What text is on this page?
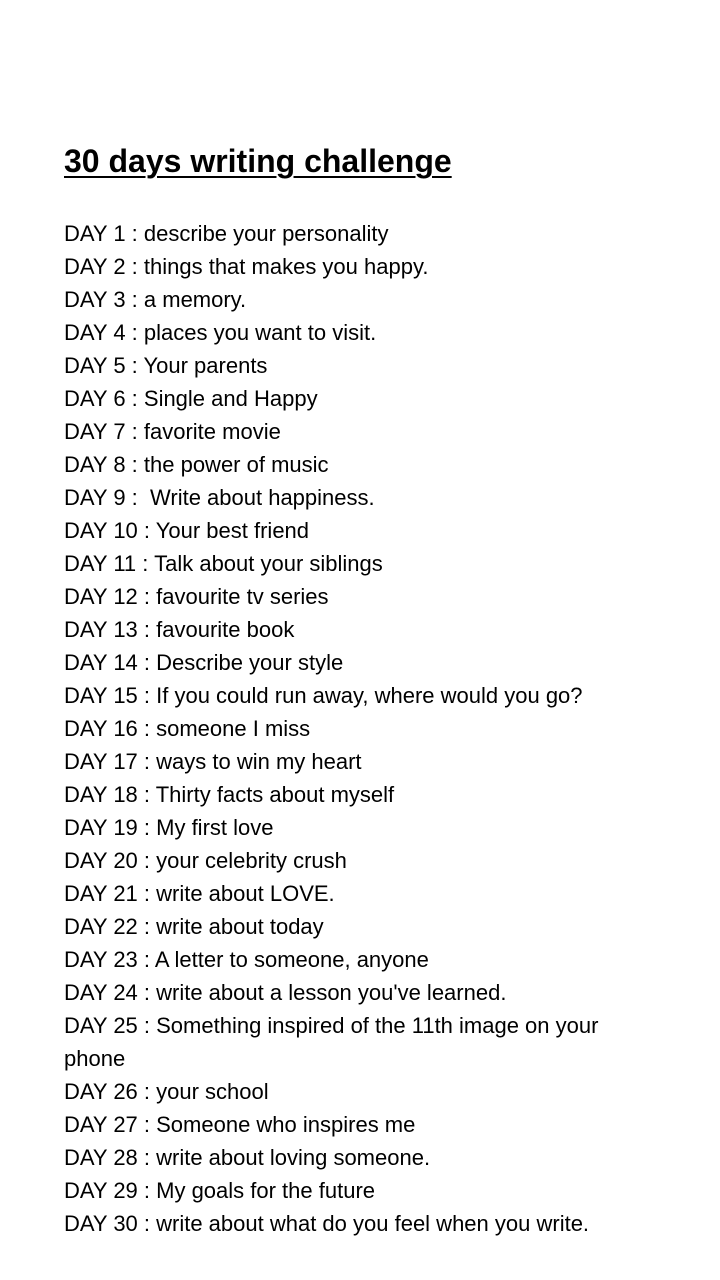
30 days writing challenge
DAY 1 : describe your personality
DAY 2 : things that makes you happy.
DAY 3 : a memory.
DAY 4 : places you want to visit.
DAY 5 : Your parents
DAY 6 : Single and Happy
DAY 7 : favorite movie
DAY 8 : the power of music
DAY 9 :  Write about happiness.
DAY 10 : Your best friend
DAY 11 : Talk about your siblings
DAY 12 : favourite tv series
DAY 13 : favourite book
DAY 14 : Describe your style
DAY 15 : If you could run away, where would you go?
DAY 16 : someone I miss
DAY 17 : ways to win my heart
DAY 18 : Thirty facts about myself
DAY 19 : My first love
DAY 20 : your celebrity crush
DAY 21 : write about LOVE.
DAY 22 : write about today
DAY 23 : A letter to someone, anyone
DAY 24 : write about a lesson you've learned.
DAY 25 : Something inspired of the 11th image on your phone
DAY 26 : your school
DAY 27 : Someone who inspires me
DAY 28 : write about loving someone.
DAY 29 : My goals for the future
DAY 30 : write about what do you feel when you write.
